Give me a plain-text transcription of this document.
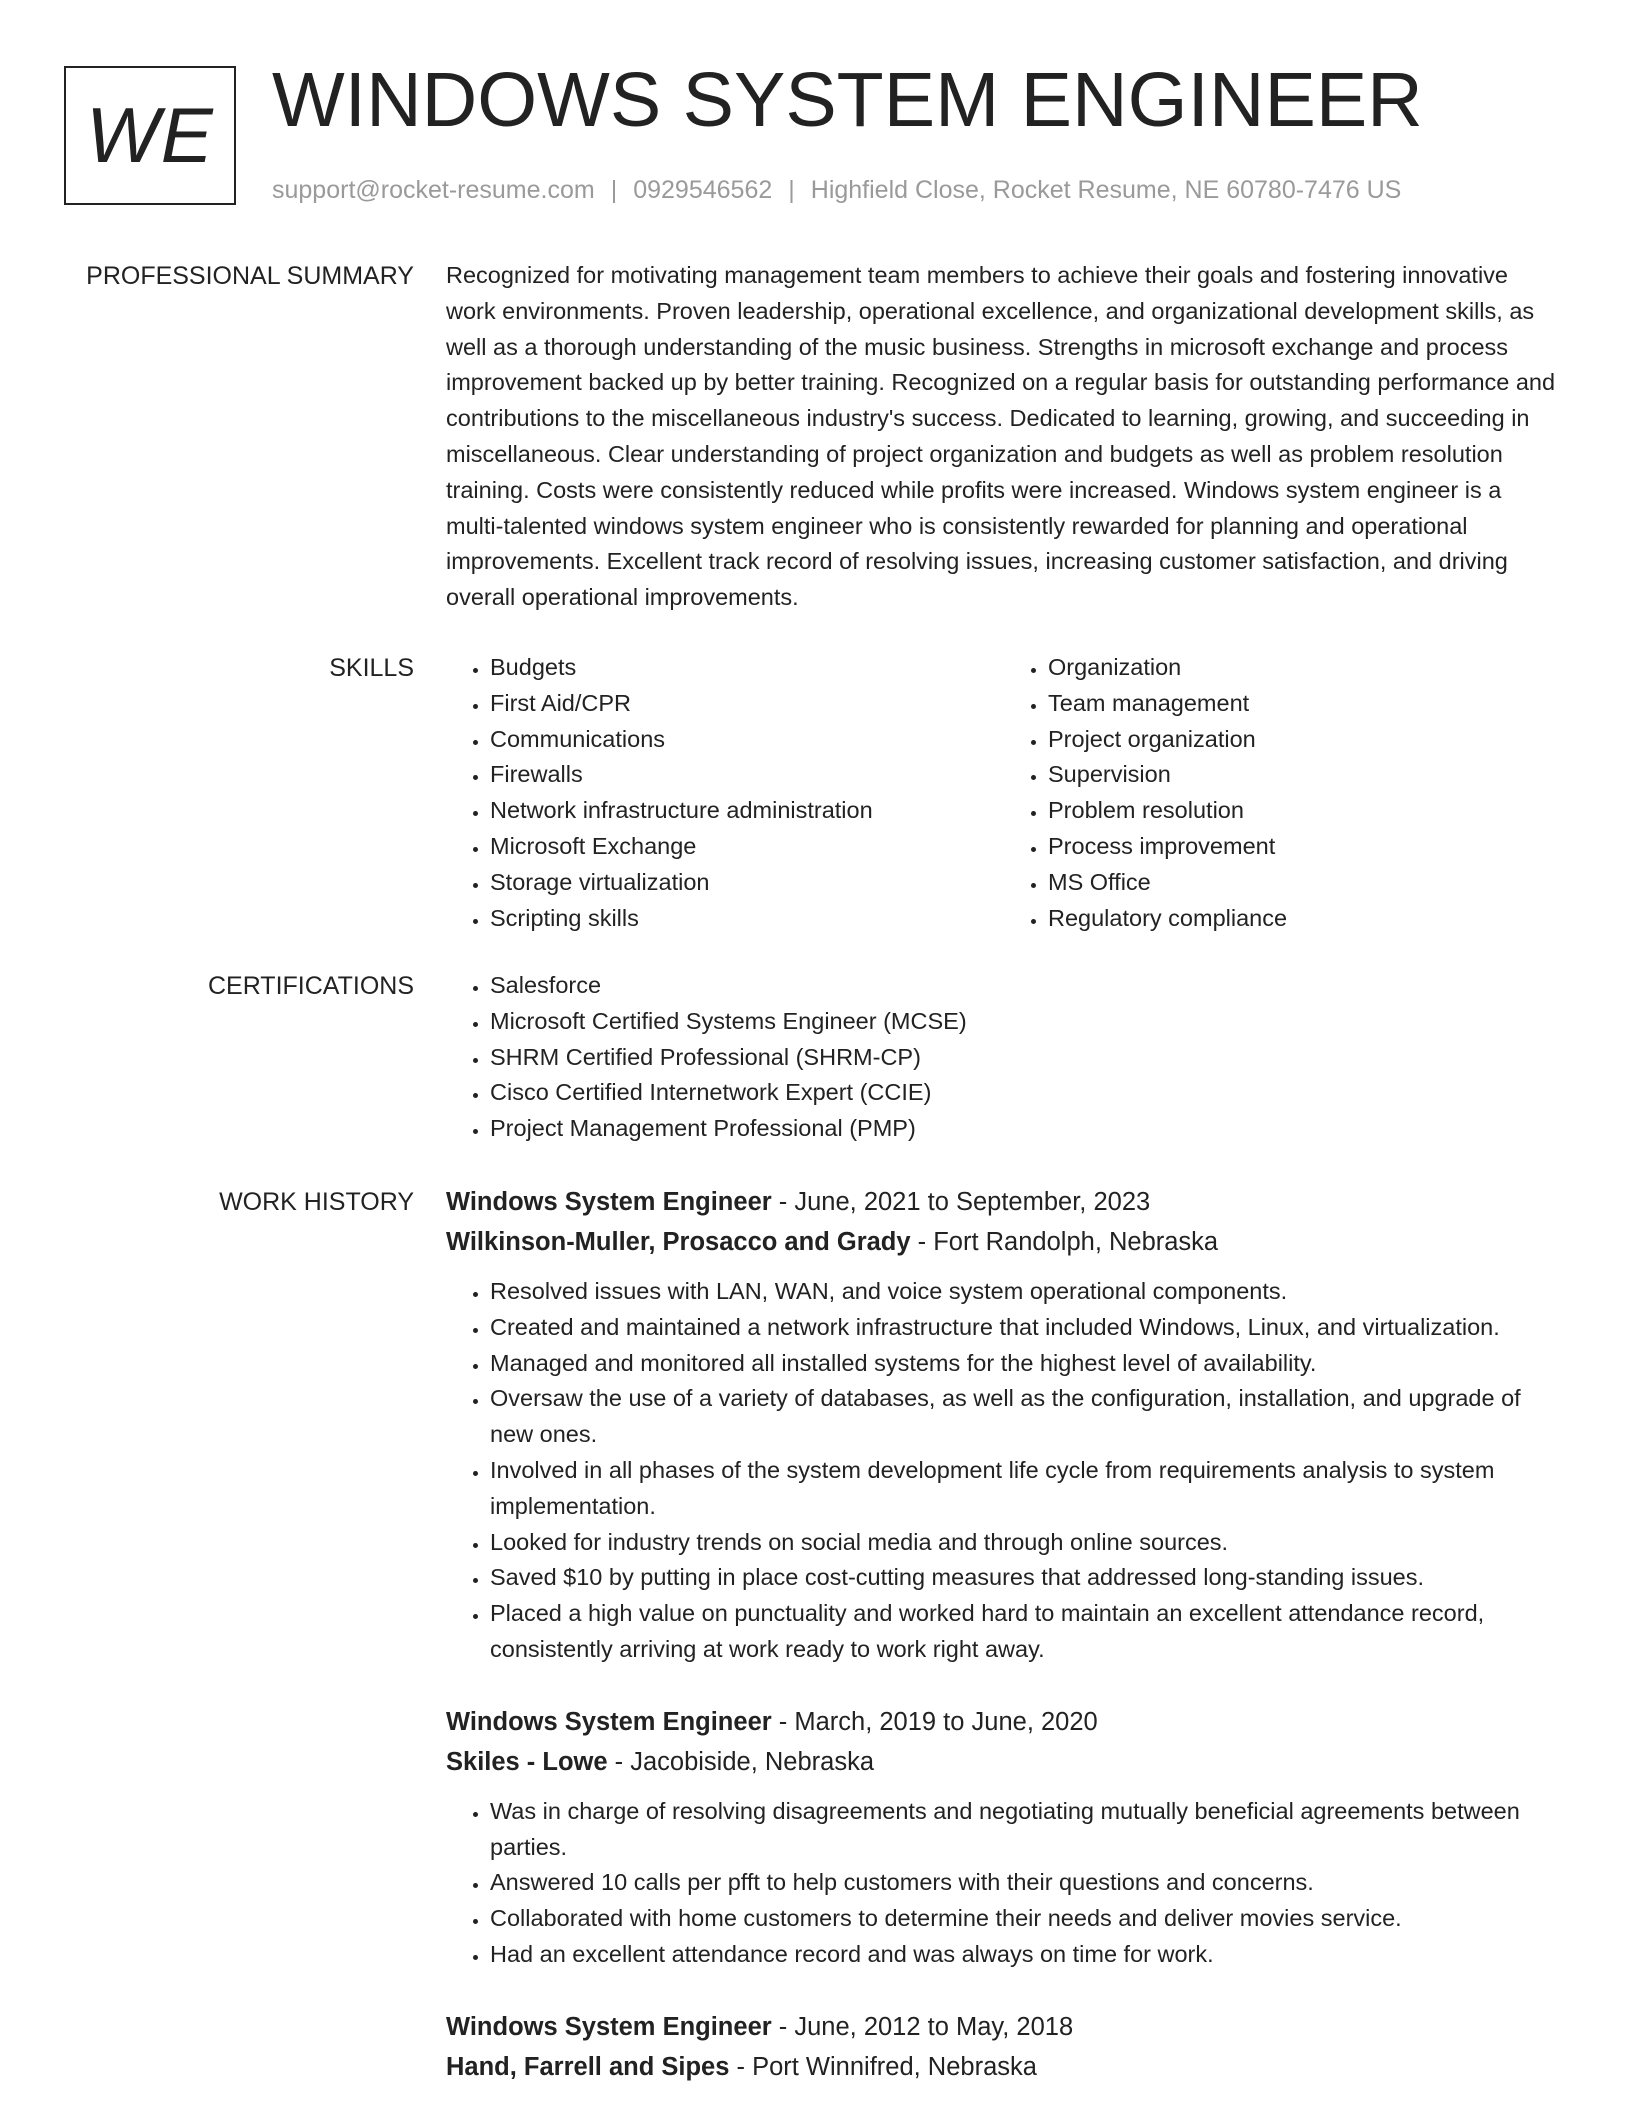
WE WINDOWS SYSTEM ENGINEER
support@rocket-resume.com | 0929546562 | Highfield Close, Rocket Resume, NE 60780-7476 US
PROFESSIONAL SUMMARY Recognized for motivating management team members to achieve their goals and fostering innovative work environments. Proven leadership, operational excellence, and organizational development skills, as well as a thorough understanding of the music business. Strengths in microsoft exchange and process improvement backed up by better training. Recognized on a regular basis for outstanding performance and contributions to the miscellaneous industry's success. Dedicated to learning, growing, and succeeding in miscellaneous. Clear understanding of project organization and budgets as well as problem resolution training. Costs were consistently reduced while profits were increased. Windows system engineer is a multi-talented windows system engineer who is consistently rewarded for planning and operational improvements. Excellent track record of resolving issues, increasing customer satisfaction, and driving overall operational improvements.

SKILLS	• Budgets
• First Aid/CPR
• Communications
• Firewalls
• Network infrastructure administration
• Microsoft Exchange
• Storage virtualization
• Scripting skills
• Organization
• Team management
• Project organization
• Supervision
• Problem resolution
• Process improvement
• MS Office
• Regulatory compliance
CERTIFICATIONS	• Salesforce
• Microsoft Certified Systems Engineer (MCSE)
• SHRM Certified Professional (SHRM-CP)
• Cisco Certified Internetwork Expert (CCIE)
• Project Management Professional (PMP)
WORK HISTORY Windows System Engineer - June, 2021 to September, 2023
Wilkinson-Muller, Prosacco and Grady - Fort Randolph, Nebraska
• Resolved issues with LAN, WAN, and voice system operational components.
• Created and maintained a network infrastructure that included Windows, Linux, and virtualization.
• Managed and monitored all installed systems for the highest level of availability.
• Oversaw the use of a variety of databases, as well as the configuration, installation, and upgrade of new ones.
• Involved in all phases of the system development life cycle from requirements analysis to system implementation.
• Looked for industry trends on social media and through online sources.
• Saved $10 by putting in place cost-cutting measures that addressed long-standing issues.
• Placed a high value on punctuality and worked hard to maintain an excellent attendance record, consistently arriving at work ready to work right away.
Windows System Engineer - March, 2019 to June, 2020
Skiles - Lowe - Jacobiside, Nebraska
• Was in charge of resolving disagreements and negotiating mutually beneficial agreements between parties.
• Answered 10 calls per pfft to help customers with their questions and concerns.
• Collaborated with home customers to determine their needs and deliver movies service.
• Had an excellent attendance record and was always on time for work.
Windows System Engineer - June, 2012 to May, 2018
Hand, Farrell and Sipes - Port Winnifred, Nebraska
